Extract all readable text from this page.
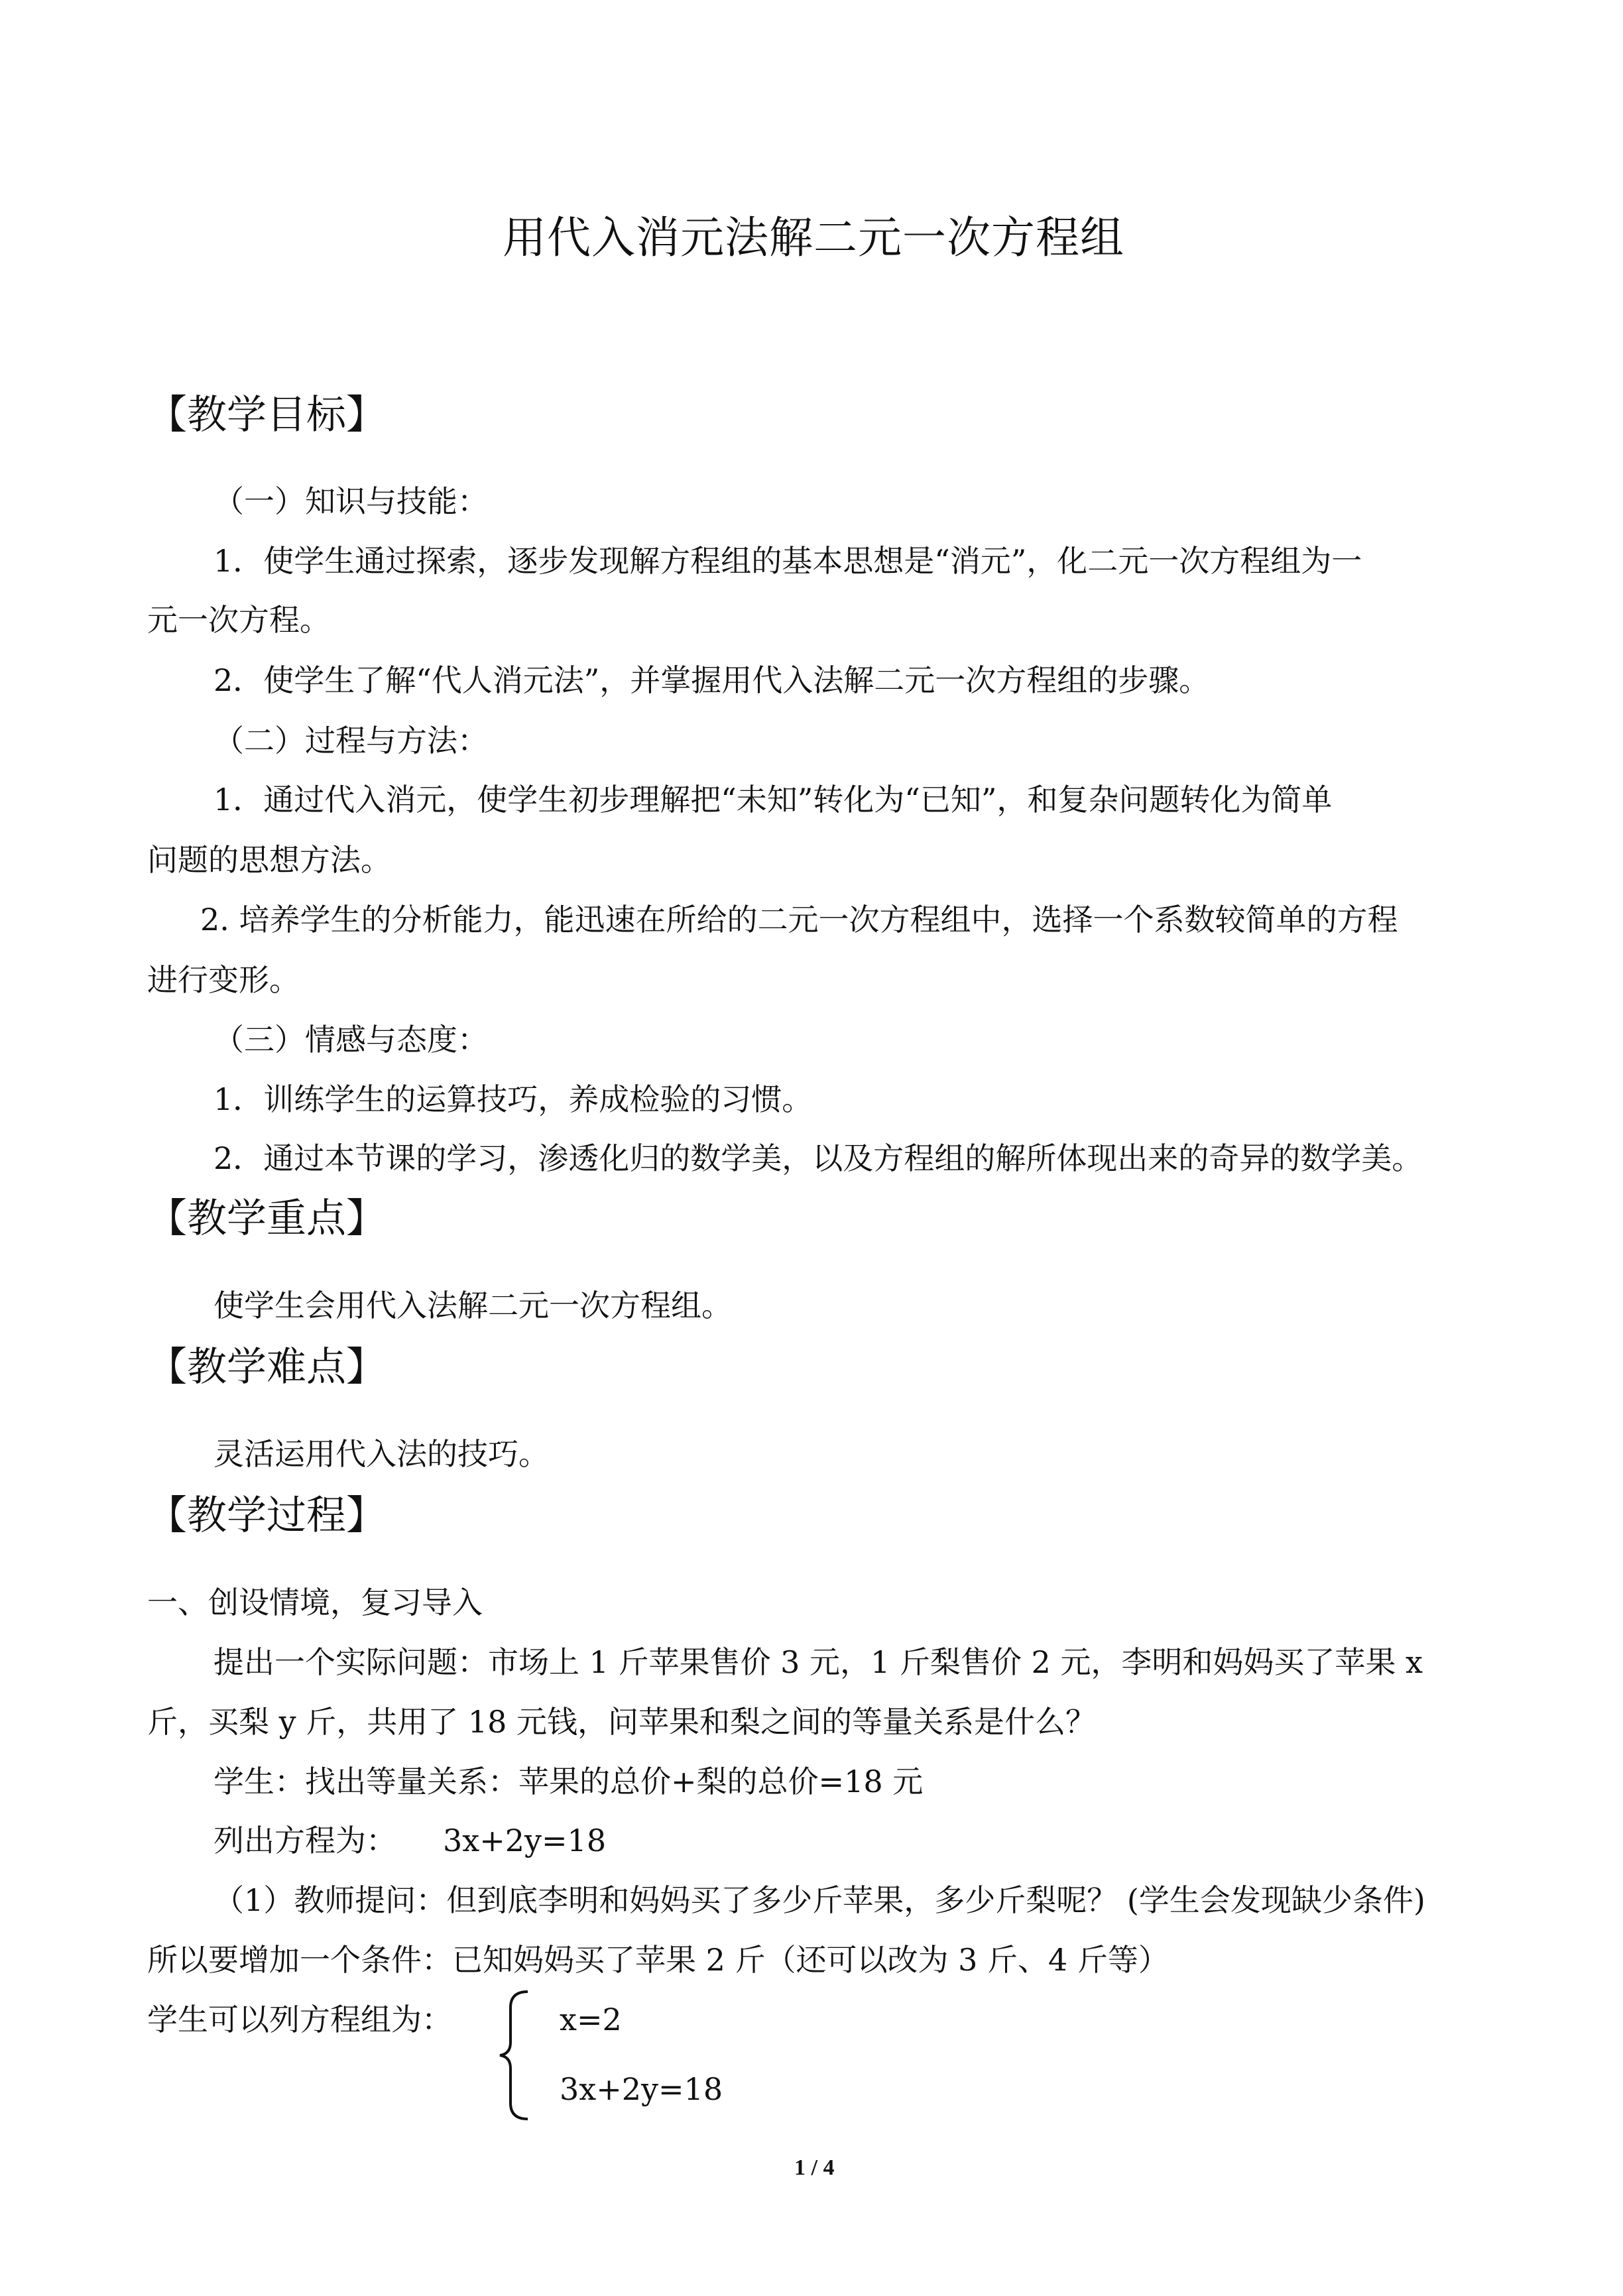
用代入消元法解二元一次方程组
【教学目标】
（一）知识与技能：
1．使学生通过探索，逐步发现解方程组的基本思想是“消元”，化二元一次方程组为一
元一次方程。
2．使学生了解“代人消元法”，并掌握用代入法解二元一次方程组的步骤。
（二）过程与方法：
1．通过代入消元，使学生初步理解把“未知”转化为“已知”，和复杂问题转化为简单
问题的思想方法。
2. 培养学生的分析能力，能迅速在所给的二元一次方程组中，选择一个系数较简单的方程
进行变形。
（三）情感与态度：
1．训练学生的运算技巧，养成检验的习惯。
2．通过本节课的学习，渗透化归的数学美，以及方程组的解所体现出来的奇异的数学美。
【教学重点】
使学生会用代入法解二元一次方程组。
【教学难点】
灵活运用代入法的技巧。
【教学过程】
一、创设情境，复习导入
提出一个实际问题：市场上 1 斤苹果售价 3 元，1 斤梨售价 2 元，李明和妈妈买了苹果 x
斤，买梨 y 斤，共用了 18 元钱，问苹果和梨之间的等量关系是什么？
学生：找出等量关系：苹果的总价+梨的总价=18 元
列出方程为： 3x+2y=18
（1）教师提问：但到底李明和妈妈买了多少斤苹果，多少斤梨呢？ (学生会发现缺少条件)
所以要增加一个条件：已知妈妈买了苹果 2 斤（还可以改为 3 斤、4 斤等）
学生可以列方程组为：	x=2
3x+2y=18
1 / 4
